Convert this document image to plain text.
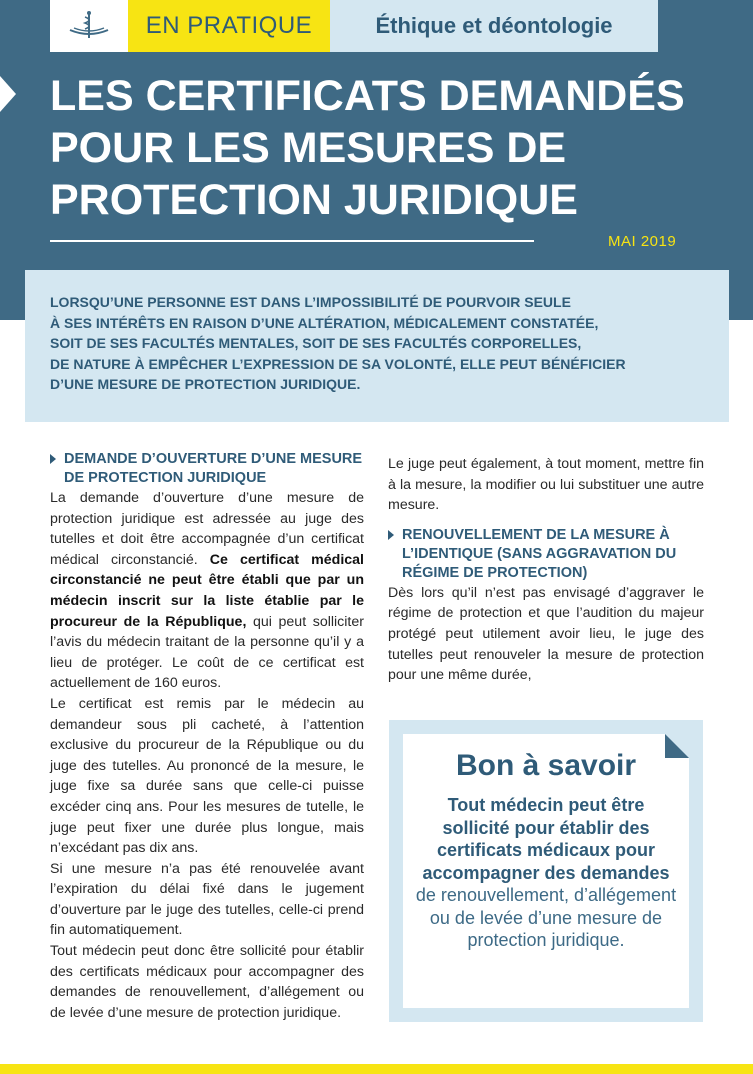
EN PRATIQUE	Éthique et déontologie
LES CERTIFICATS DEMANDÉS
POUR LES MESURES DE
PROTECTION JURIDIQUE
MAI 2019

LORSQU’UNE PERSONNE EST DANS L’IMPOSSIBILITÉ DE POURVOIR SEULE
À SES INTÉRÊTS EN RAISON D’UNE ALTÉRATION, MÉDICALEMENT CONSTATÉE,
SOIT DE SES FACULTÉS MENTALES, SOIT DE SES FACULTÉS CORPORELLES,
DE NATURE À EMPÊCHER L’EXPRESSION DE SA VOLONTÉ, ELLE PEUT BÉNÉFICIER
D’UNE MESURE DE PROTECTION JURIDIQUE.

DEMANDE D’OUVERTURE D’UNE MESURE DE PROTECTION JURIDIQUE

La demande d’ouverture d’une mesure de protection juridique est adressée au juge des tutelles et doit être accompagnée d’un certificat médical circonstancié. Ce certificat médical circonstancié ne peut être établi que par un médecin inscrit sur la liste établie par le procureur de la République, qui peut solliciter l’avis du médecin traitant de la personne qu’il y a lieu de protéger. Le coût de ce certificat est actuellement de 160 euros.

Le certificat est remis par le médecin au demandeur sous pli cacheté, à l’attention exclusive du procureur de la République ou du juge des tutelles. Au prononcé de la mesure, le juge fixe sa durée sans que celle-ci puisse excéder cinq ans. Pour les mesures de tutelle, le juge peut fixer une durée plus longue, mais n’excédant pas dix ans.

Si une mesure n’a pas été renouvelée avant l’expiration du délai fixé dans le jugement d’ouverture par le juge des tutelles, celle-ci prend fin automatiquement.

Tout médecin peut donc être sollicité pour établir des certificats médicaux pour accompagner des demandes de renouvellement, d’allégement ou de levée d’une mesure de protection juridique.

Le juge peut également, à tout moment, mettre fin à la mesure, la modifier ou lui substituer une autre mesure.

RENOUVELLEMENT DE LA MESURE À L’IDENTIQUE (SANS AGGRAVATION DU RÉGIME DE PROTECTION)

Dès lors qu’il n’est pas envisagé d’aggraver le régime de protection et que l’audition du majeur protégé peut utilement avoir lieu, le juge des tutelles peut renouveler la mesure de protection pour une même durée,

Bon à savoir

Tout médecin peut être sollicité pour établir des certificats médicaux pour accompagner des demandes de renouvellement, d’allégement ou de levée d’une mesure de protection juridique.
